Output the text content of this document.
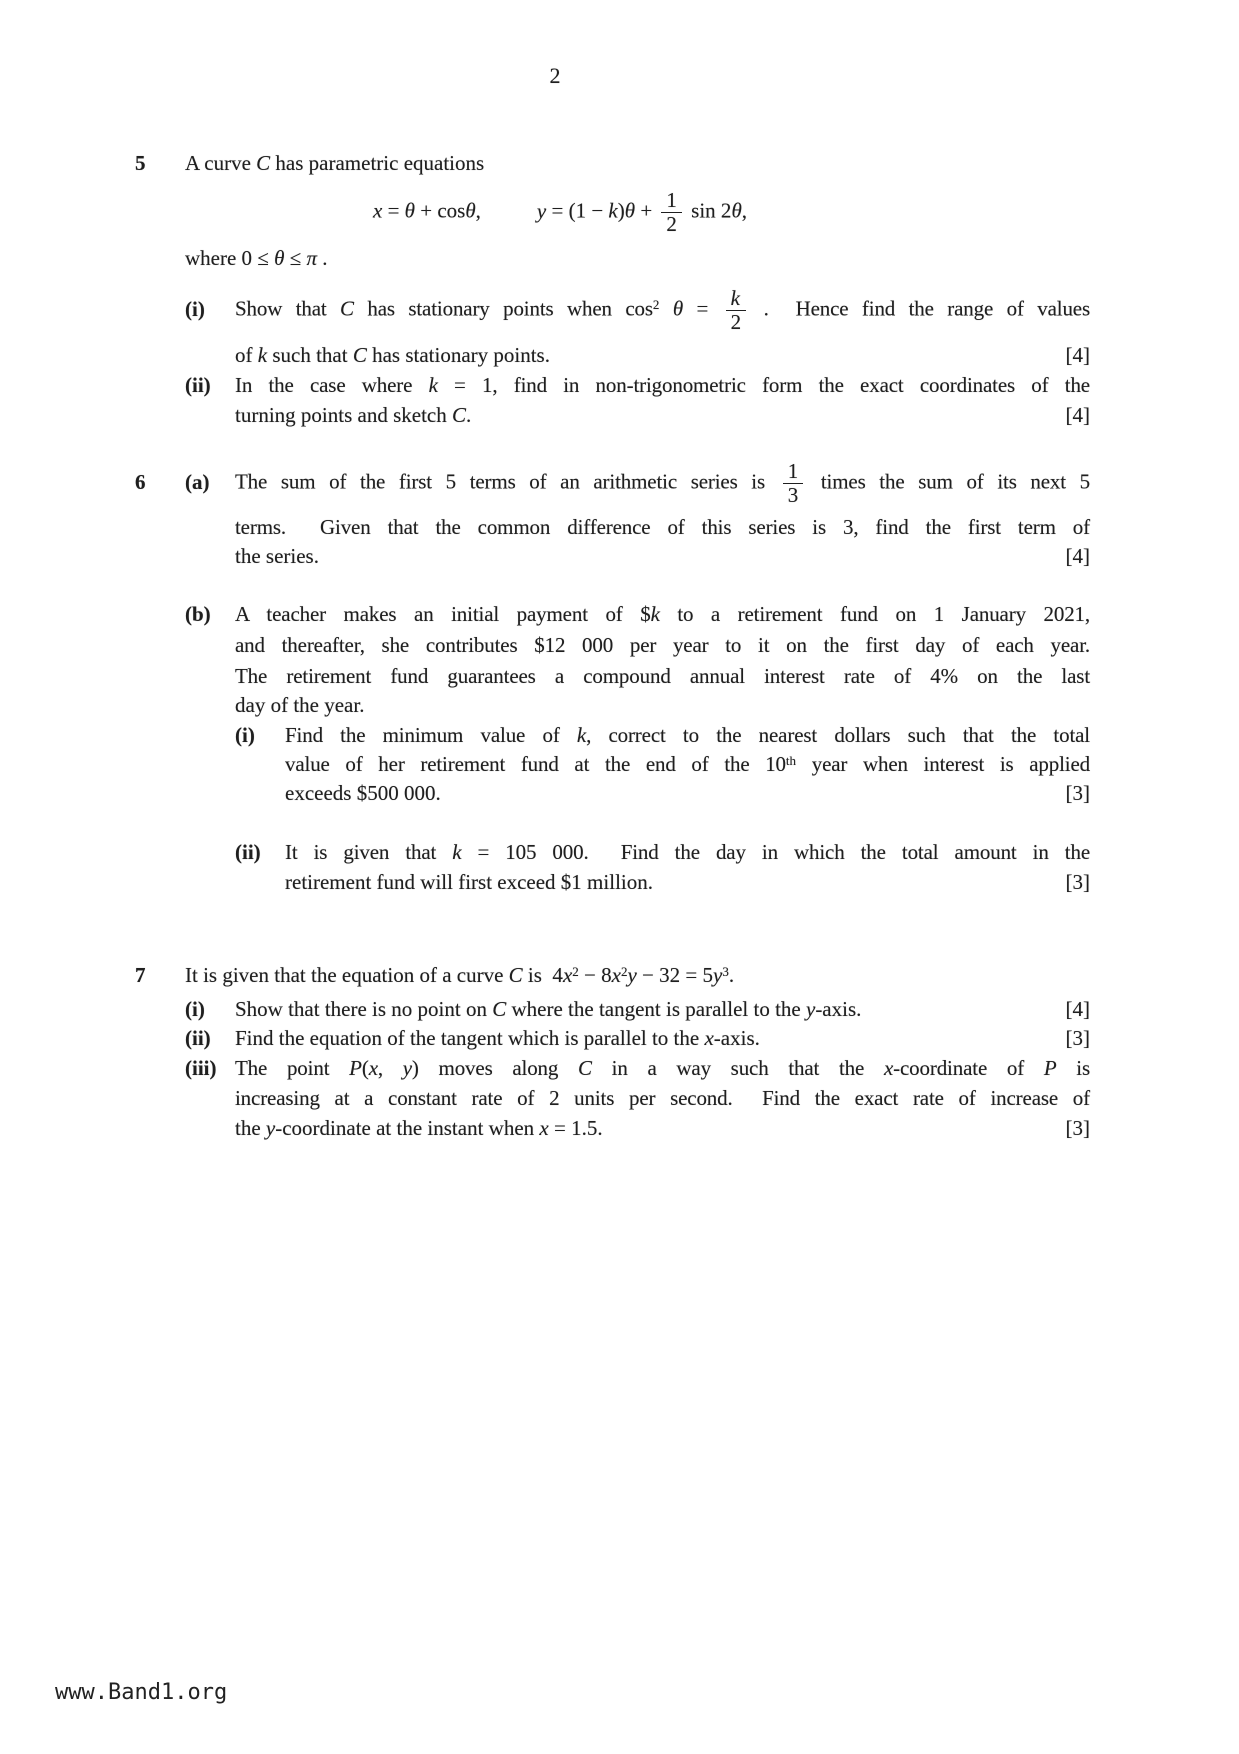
2
5 A curve C has parametric equations
x = θ + cosθ,	$y = (1 - k)\theta + \frac{1}{2}$ sin 2θ,
where 0 ≤ θ ≤ π .
(i) Show that C has stationary points when $\cos^2 \theta = \frac{k}{2}$ .  Hence find the range of values
of k such that C has stationary points.	[4]
(ii) In the case where k = 1, find in non-trigonometric form the exact coordinates of the
turning points and sketch C.	[4]
6 (a) The sum of the first 5 terms of an arithmetic series is $\frac{1}{3}$ times the sum of its next 5
terms.  Given that the common difference of this series is 3, find the first term of
the series.	[4]
(b) A teacher makes an initial payment of $k to a retirement fund on 1 January 2021,
and thereafter, she contributes $12 000 per year to it on the first day of each year.
The retirement fund guarantees a compound annual interest rate of 4% on the last
day of the year.
(i) Find the minimum value of k, correct to the nearest dollars such that the total
value of her retirement fund at the end of the 10th year when interest is applied
exceeds $500 000.	[3]
(ii) It is given that k = 105 000.  Find the day in which the total amount in the
retirement fund will first exceed $1 million.	[3]
7 It is given that the equation of a curve C is  $4x^2 - 8x^2y - 32 = 5y^3$.
(i) Show that there is no point on C where the tangent is parallel to the y-axis.	[4]
(ii) Find the equation of the tangent which is parallel to the x-axis.	[3]
(iii) The point P(x, y) moves along C in a way such that the x-coordinate of P is
increasing at a constant rate of 2 units per second.  Find the exact rate of increase of
the y-coordinate at the instant when x = 1.5.	[3]
www.Band1.org
